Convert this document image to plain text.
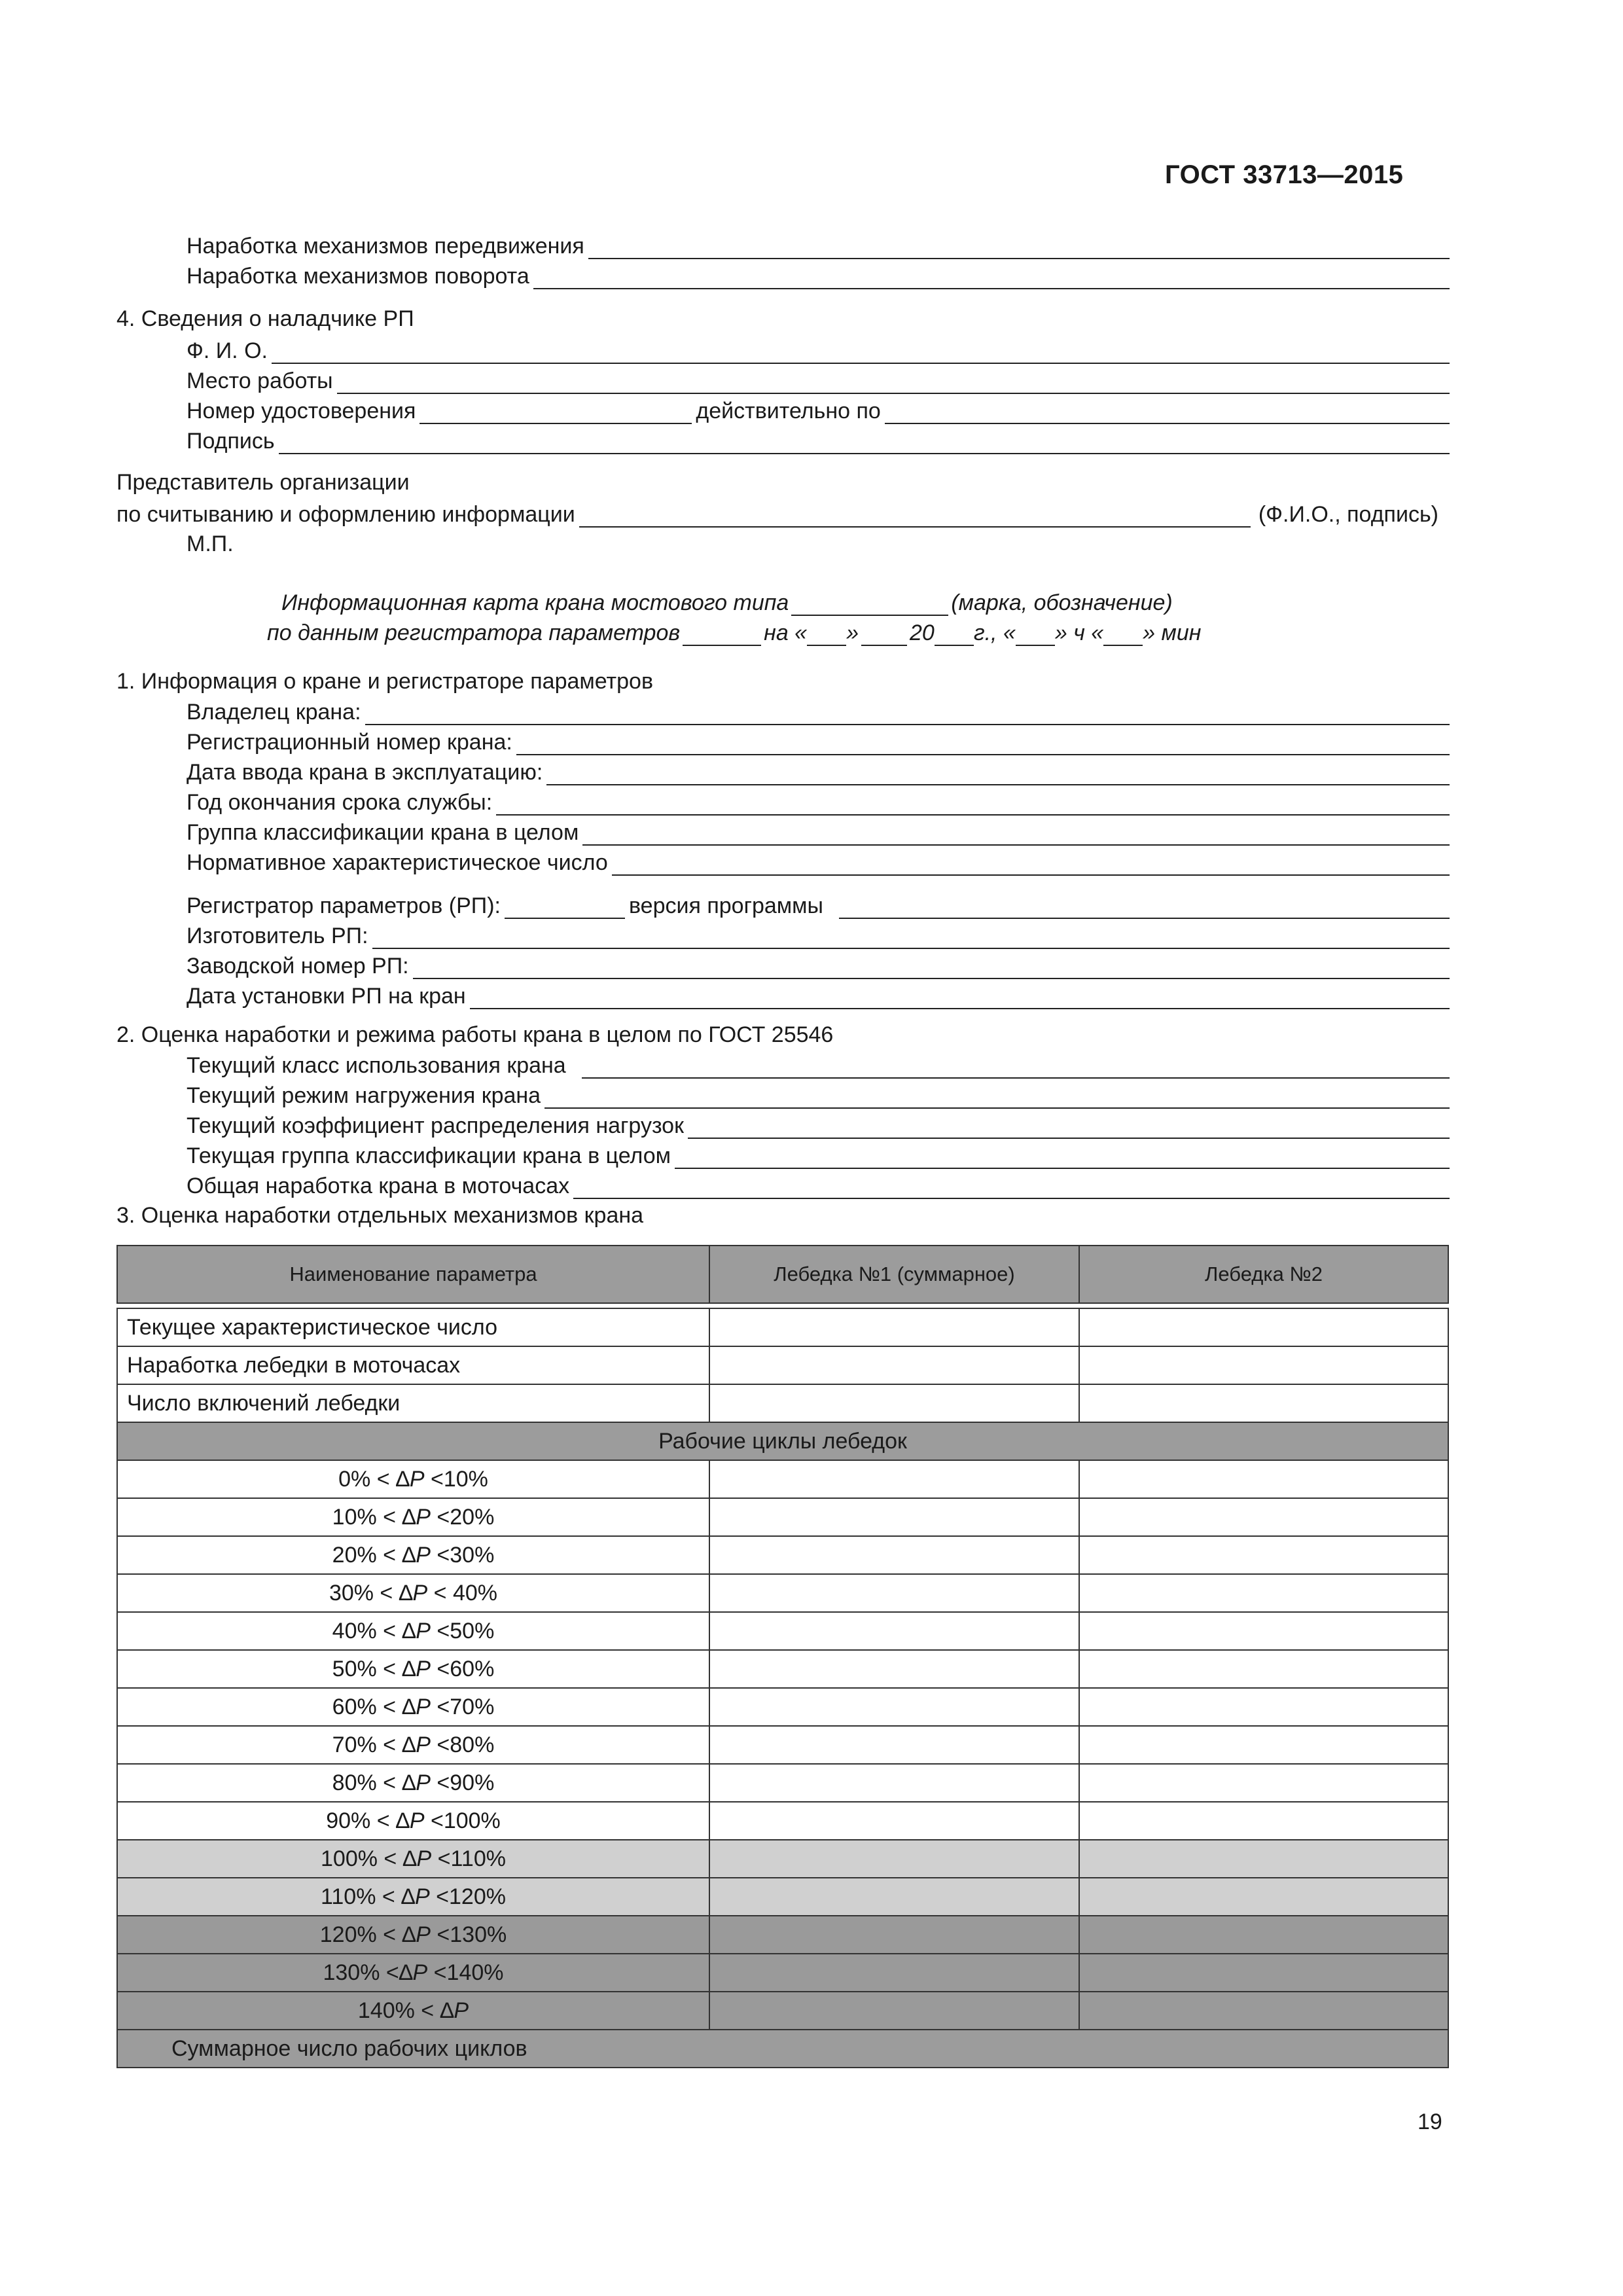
ГОСТ 33713—2015
Наработка механизмов передвижения
Наработка механизмов поворота
4. Сведения о наладчике РП
Ф. И. О.
Место работы
Номер удостоверения	действительно по
Подпись
Представитель организации
по считыванию и оформлению информации	(Ф.И.О., подпись)
М.П.
Информационная карта крана мостового типа	(марка, обозначение)
по данным регистратора параметров	на « » 20 г., « » ч « » мин
1. Информация о кране и регистраторе параметров
Владелец крана:
Регистрационный номер крана:
Дата ввода крана в эксплуатацию:
Год окончания срока службы:
Группа классификации крана в целом
Нормативное характеристическое число
Регистратор параметров (РП):	версия программы
Изготовитель РП:
Заводской номер РП:
Дата установки РП на кран
2. Оценка наработки и режима работы крана в целом по ГОСТ 25546
Текущий класс использования крана
Текущий режим нагружения крана
Текущий коэффициент распределения нагрузок
Текущая группа классификации крана в целом
Общая наработка крана в моточасах
3. Оценка наработки отдельных механизмов крана
Наименование параметра	Лебедка №1 (суммарное)	Лебедка №2

Текущее характеристическое число		
Наработка лебедки в моточасах		
Число включений лебедки		
Рабочие циклы лебедок		
0% < ∆P <10%		
10% < ∆P <20%		
20% < ∆P <30%		
30% < ∆P < 40%		
40% < ∆P <50%		
50% < ∆P <60%		
60% < ∆P <70%		
70% < ∆P <80%		
80% < ∆P <90%		
90% < ∆P <100%		
100% < ∆P <110%		
110% < ∆P <120%		
120% < ∆P <130%		
130% <∆P <140%		
140% < ∆P		
Суммарное число рабочих циклов		
19
